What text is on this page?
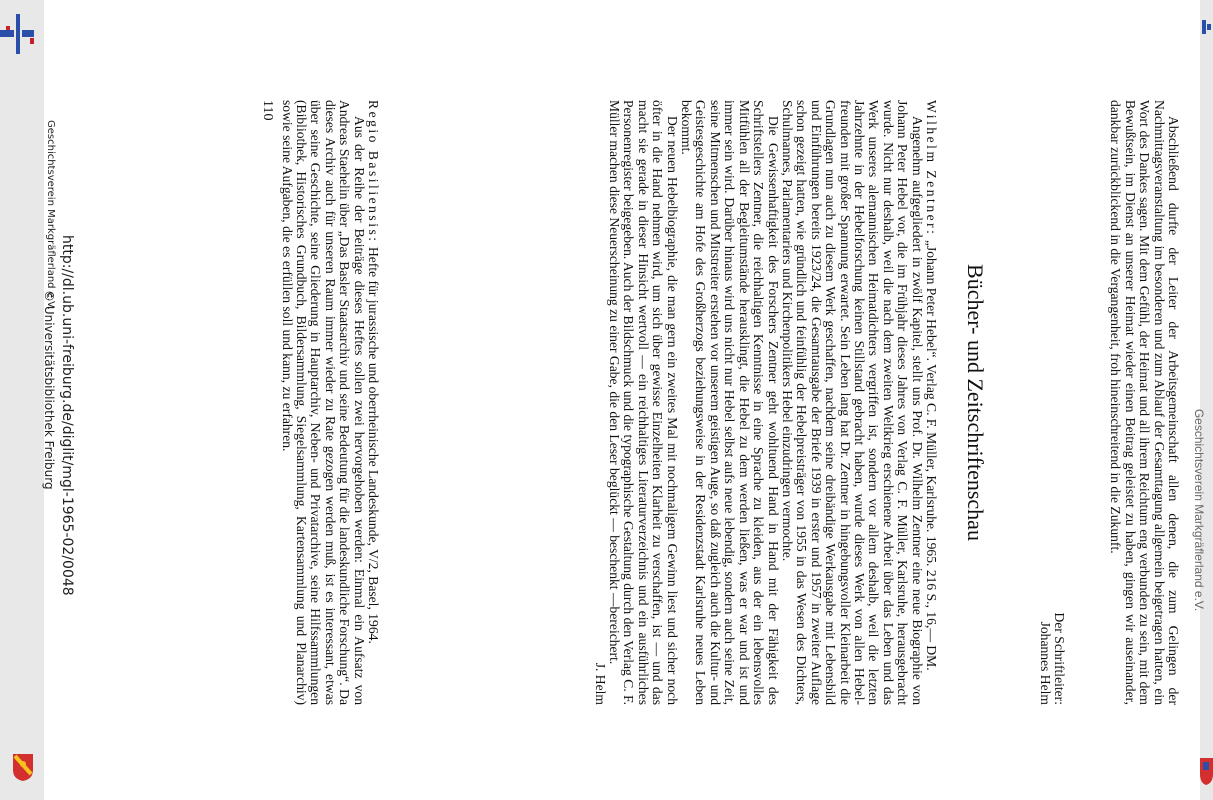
Geschichtsverein Markgräflerland e.V.

Abschließend durfte der Leiter der Arbeitsgemeinschaft allen denen, die zum Gelingen der Nachmittagsveranstaltung im besonderen und zum Ablauf der Gesamttagung allgemein beigetragen hatten, ein Wort des Dankes sagen. Mit dem Gefühl, der Heimat und all ihrem Reichtum eng verbunden zu sein, mit dem Bewußtsein, im Dienst an unserer Heimat wieder einen Beitrag geleistet zu haben, gingen wir auseinander, dankbar zurückblickend in die Vergangenheit, froh hineinschreitend in die Zukunft.

Der Schriftleiter:
Johannes Helm
Bücher- und Zeitschriftenschau

Wilhelm Zentner: „Johann Peter Hebel“. Verlag C. F. Müller, Karlsruhe. 1965. 216 S., 16,— DM.

Angenehm aufgegliedert in zwölf Kapitel, stellt uns Prof. Dr. Wilhelm Zentner eine neue Biographie von Johann Peter Hebel vor, die im Frühjahr dieses Jahres von Verlag C. F. Müller, Karlsruhe, herausgebracht wurde. Nicht nur deshalb, weil die nach dem zweiten Weltkrieg erschienene Arbeit über das Leben und das Werk unseres alemannischen Heimatdichters vergriffen ist, sondern vor allem deshalb, weil die letzten Jahrzehnte in der Hebelforschung keinen Stillstand gebracht haben, wurde dieses Werk von allen Hebelfreunden mit großer Spannung erwartet. Sein Leben lang hat Dr. Zentner in hingebungsvoller Kleinarbeit die Grundlagen nun auch zu diesem Werk geschaffen, nachdem seine dreibändige Werkausgabe mit Lebensbild und Einführungen bereits 1923/24, die Gesamtausgabe der Briefe 1939 in erster und 1957 in zweiter Auflage schon gezeigt hatten, wie gründlich und feinfühlig der Hebelpreisträger von 1955 in das Wesen des Dichters, Schulmannes, Parlamentariers und Kirchenpolitikers Hebel einzudringen vermochte.

Die Gewissenhaftigkeit des Forschers Zentner geht wohltuend Hand in Hand mit der Fähigkeit des Schriftstellers Zentner, die reichhaltigen Kenntnisse in eine Sprache zu kleiden, aus der ein lebensvolles Mitfühlen all der Begleitumstände herausklingt, die Hebel zu dem werden ließen, was er war und ist und immer sein wird. Darüber hinaus wird uns nicht nur Hebel selbst aufs neue lebendig, sondern auch seine Zeit, seine Mitmenschen und Mitstreiter erstehen vor unserem geistigen Auge, so daß zugleich auch die Kultur- und Geistesgeschichte am Hofe des Großherzogs beziehungsweise in der Residenzstadt Karlsruhe neues Leben bekommt.

Der neuen Hebelbiographie, die man gern ein zweites Mal mit nochmaligem Gewinn liest und sicher noch öfter in die Hand nehmen wird, um sich über gewisse Einzelheiten Klarheit zu verschaffen, ist — und das macht sie gerade in dieser Hinsicht wertvoll — ein reichhaltiges Literaturverzeichnis und ein ausführliches Personenregister beigegeben. Auch der Bildschmuck und die typographische Gestaltung durch den Verlag C. F. Müller machen diese Neuerscheinung zu einer Gabe, die den Leser beglückt — beschenkt —bereichert.

J. Helm

Regio Basiliensis: Hefte für jurassische und oberrheinische Landeskunde, V/2, Basel, 1964.

Aus der Reihe der Beiträge dieses Heftes sollen zwei hervorgehoben werden: Einmal ein Aufsatz von Andreas Staehelin über „Das Basler Staatsarchiv und seine Bedeutung für die landeskundliche Forschung“. Da dieses Archiv auch für unseren Raum immer wieder zu Rate gezogen werden muß, ist es interessant, etwas über seine Geschichte, seine Gliederung in Hauptarchiv, Neben- und Privatarchive, seine Hilfssammlungen (Bibliothek, Historisches Grundbuch, Bildersammlung, Siegelsammlung, Kartensammlung und Planarchiv) sowie seine Aufgaben, die es erfüllen soll und kann, zu erfahren.

110
http://dl.ub.uni-freiburg.de/diglit/mgl-1965-02/0048
© Universitätsbibliothek Freiburg
Geschichtsverein Markgräflerland e.V.
